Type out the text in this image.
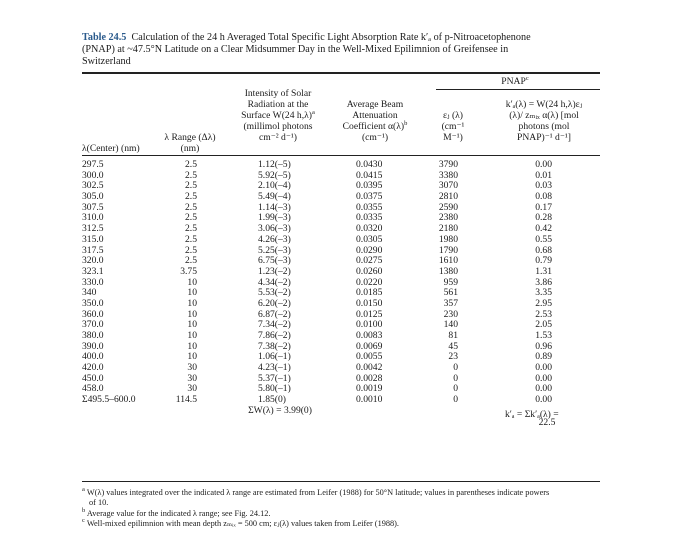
Table 24.5 Calculation of the 24 h Averaged Total Specific Light Absorption Rate k′ₐ of p-Nitroacetophenone
(PNAP) at ~47.5°N Latitude on a Clear Midsummer Day in the Well-Mixed Epilimnion of Greifensee in
Switzerland
PNAP$^c$
λ(Center) (nm)
λ Range (Δλ)
(nm)
Intensity of Solar
Radiation at the
Surface W(24 h,λ)$^a$
(millimol photons
cm⁻² d⁻¹)
Average Beam
Attenuation
Coefficient $\alpha(\lambda)^b$
(cm⁻¹)
εⱼ (λ)
(cm⁻¹
M⁻¹)
k′ₐ(λ) = W(24 h,λ)εⱼ
(λ)/ zₘᵢₓ α(λ) [mol
photons (mol
PNAP)⁻¹ d⁻¹]
297.5
300.0
302.5
305.0
307.5
310.0
312.5
315.0
317.5
320.0
323.1
330.0
340
350.0
360.0
370.0
380.0
390.0
400.0
420.0
450.0
458.0
Σ495.5–600.0
2.5
2.5
2.5
2.5
2.5
2.5
2.5
2.5
2.5
2.5
3.75
10
10
10
10
10
10
10
10
30
30
30
114.5
1.12(–5)
5.92(–5)
2.10(–4)
5.49(–4)
1.14(–3)
1.99(–3)
3.06(–3)
4.26(–3)
5.25(–3)
6.75(–3)
1.23(–2)
4.34(–2)
5.53(–2)
6.20(–2)
6.87(–2)
7.34(–2)
7.86(–2)
7.38(–2)
1.06(–1)
4.23(–1)
5.37(–1)
5.80(–1)
1.85(0)
0.0430
0.0415
0.0395
0.0375
0.0355
0.0335
0.0320
0.0305
0.0290
0.0275
0.0260
0.0220
0.0185
0.0150
0.0125
0.0100
0.0083
0.0069
0.0055
0.0042
0.0028
0.0019
0.0010
3790
3380
3070
2810
2590
2380
2180
1980
1790
1610
1380
959
561
357
230
140
81
45
23
0
0
0
0
0.00
0.01
0.03
0.08
0.17
0.28
0.42
0.55
0.68
0.79
1.31
3.86
3.35
2.95
2.53
2.05
1.53
0.96
0.89
0.00
0.00
0.00
0.00
ΣW(λ) = 3.99(0)	k′ₐ = Σk′ₐ(λ) =
22.5
$^a$ W(λ) values integrated over the indicated λ range are estimated from Leifer (1988) for 50°N latitude; values in parentheses indicate powers
of 10.
$^b$ Average value for the indicated λ range; see Fig. 24.12.
$^c$ Well-mixed epilimnion with mean depth zₘᵢₓ = 500 cm; εⱼ(λ) values taken from Leifer (1988).
